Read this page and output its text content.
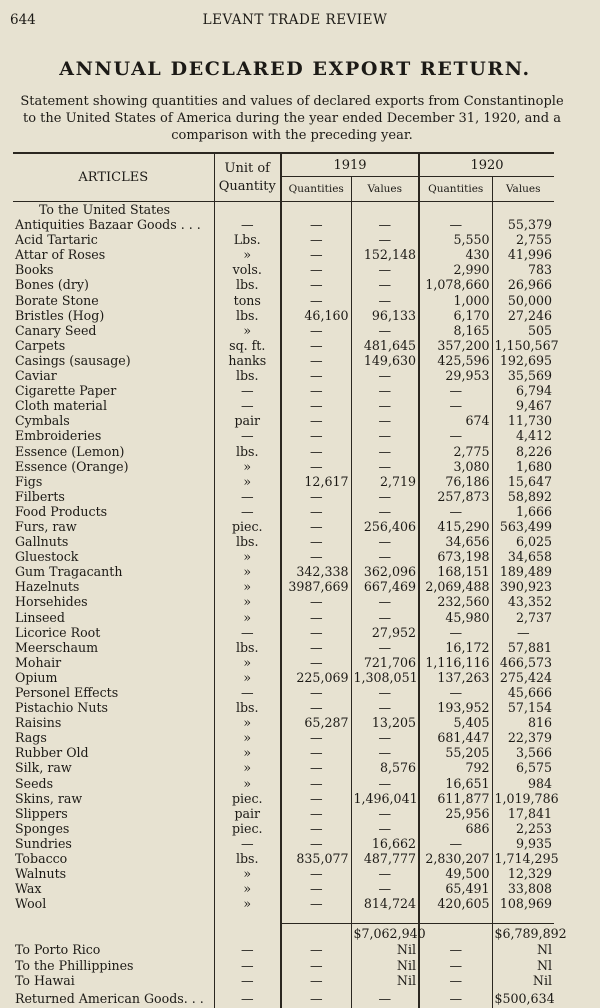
644	LEVANT TRADE REVIEW
ANNUAL DECLARED EXPORT RETURN.
Statement showing quantities and values of declared exports from Constantinople to the United States of America during the year ended December 31, 1920, and a comparison with the preceding year.
ARTICLES	Unit of Quantity	1919		1920	
		Quantities	Values	Quantities	Values
To the United States					
Antiquities Bazaar Goods . . .	—	—	—	—	55,379
Acid Tartaric	Lbs.	—	—	5,550	2,755
Attar of Roses	»	—	152,148	430	41,996
Books	vols.	—	—	2,990	783
Bones (dry)	lbs.	—	—	1,078,660	26,966
Borate Stone	tons	—	—	1,000	50,000
Bristles (Hog)	lbs.	46,160	96,133	6,170	27,246
Canary Seed	»	—	—	8,165	505
Carpets	sq. ft.	—	481,645	357,200	1,150,567
Casings (sausage)	hanks	—	149,630	425,596	192,695
Caviar	lbs.	—	—	29,953	35,569
Cigarette Paper	—	—	—	—	6,794
Cloth material	—	—	—	—	9,467
Cymbals	pair	—	—	674	11,730
Embroideries	—	—	—	—	4,412
Essence (Lemon)	lbs.	—	—	2,775	8,226
Essence (Orange)	»	—	—	3,080	1,680
Figs	»	12,617	2,719	76,186	15,647
Filberts	—	—	—	257,873	58,892
Food Products	—	—	—	—	1,666
Furs, raw	piec.	—	256,406	415,290	563,499
Gallnuts	lbs.	—	—	34,656	6,025
Gluestock	»	—	—	673,198	34,658
Gum Tragacanth	»	342,338	362,096	168,151	189,489
Hazelnuts	»	3987,669	667,469	2,069,488	390,923
Horsehides	»	—	—	232,560	43,352
Linseed	»	—	—	45,980	2,737
Licorice Root	—	—	27,952	—	—
Meerschaum	lbs.	—	—	16,172	57,881
Mohair	»	—	721,706	1,116,116	466,573
Opium	»	225,069	1,308,051	137,263	275,424
Personel Effects	—	—	—	—	45,666
Pistachio Nuts	lbs.	—	—	193,952	57,154
Raisins	»	65,287	13,205	5,405	816
Rags	»	—	—	681,447	22,379
Rubber Old	»	—	—	55,205	3,566
Silk, raw	»	—	8,576	792	6,575
Seeds	»	—	—	16,651	984
Skins, raw	piec.	—	1,496,041	611,877	1,019,786
Slippers	pair	—	—	25,956	17,841
Sponges	piec.	—	—	686	2,253
Sundries	—	—	16,662	—	9,935
Tobacco	lbs.	835,077	487,777	2,830,207	1,714,295
Walnuts	»	—	—	49,500	12,329
Wax	»	—	—	65,491	33,808
Wool	»	—	814,724	420,605	108,969

			$7,062,940		$6,789,892
To Porto Rico	—	—	Nil	—	Nl
To the Phillippines	—	—	Nil	—	Nl
To Hawai	—	—	Nil	—	Nil

Returned American Goods. . .	—	—	—	—	$500,634
